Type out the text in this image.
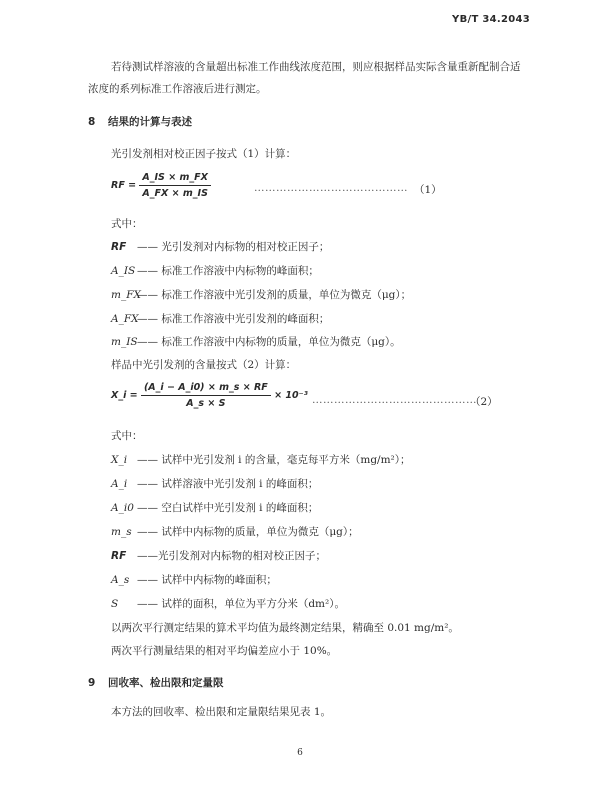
YB/T 34.2043
若待测试样溶液的含量超出标准工作曲线浓度范围，则应根据样品实际含量重新配制合适
浓度的系列标准工作溶液后进行测定。
8 结果的计算与表述
光引发剂相对校正因子按式（1）计算：
RF = $\frac{A\_IS \times m\_FX}{A\_FX \times m\_IS}$	…………………………………… （1）
式中：
RF —— 光引发剂对内标物的相对校正因子；
A_IS —— 标准工作溶液中内标物的峰面积；
m_FX—— 标准工作溶液中光引发剂的质量，单位为微克（μg）；
A_FX—— 标准工作溶液中光引发剂的峰面积；
m_IS—— 标准工作溶液中内标物的质量，单位为微克（μg）。
样品中光引发剂的含量按式（2）计算：
X_i = $\frac{(A\_i - A\_i0) \times m\_s \times RF}{A\_s \times S} \times 10^{-3}$ ………………………………………
（2）
式中：
X_i —— 试样中光引发剂 i 的含量，毫克每平方米（mg/m²）；
A_i —— 试样溶液中光引发剂 i 的峰面积；
A_i0 —— 空白试样中光引发剂 i 的峰面积；
m_s —— 试样中内标物的质量，单位为微克（μg）；
RF ——光引发剂对内标物的相对校正因子；
A_s —— 试样中内标物的峰面积；
S —— 试样的面积，单位为平方分米（dm²）。
以两次平行测定结果的算术平均值为最终测定结果，精确至 0.01 mg/m²。
两次平行测量结果的相对平均偏差应小于 10%。
9 回收率、检出限和定量限
本方法的回收率、检出限和定量限结果见表 1。
6
